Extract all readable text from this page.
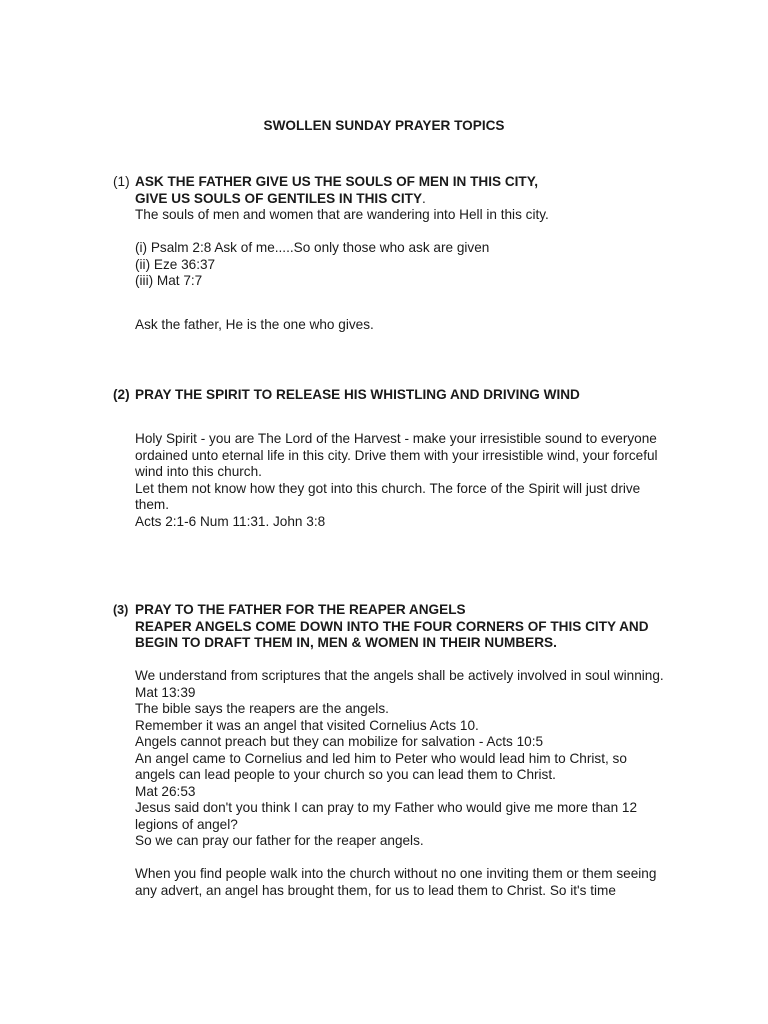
SWOLLEN SUNDAY PRAYER TOPICS
(1) ASK THE FATHER GIVE US THE SOULS OF MEN IN THIS CITY,
GIVE US SOULS OF GENTILES IN THIS CITY.
The souls of men and women that are wandering into Hell in this city.
(i) Psalm 2:8 Ask of me.....So only those who ask are given
(ii) Eze 36:37
(iii) Mat 7:7
Ask the father, He is the one who gives.
(2) PRAY THE SPIRIT TO RELEASE HIS WHISTLING AND DRIVING WIND
Holy Spirit - you are The Lord of the Harvest - make your irresistible sound to everyone
ordained unto eternal life in this city. Drive them with your irresistible wind, your forceful
wind into this church.
Let them not know how they got into this church. The force of the Spirit will just drive
them.
Acts 2:1-6 Num 11:31. John 3:8
(3) PRAY TO THE FATHER FOR THE REAPER ANGELS
REAPER ANGELS COME DOWN INTO THE FOUR CORNERS OF THIS CITY AND
BEGIN TO DRAFT THEM IN, MEN & WOMEN IN THEIR NUMBERS.
We understand from scriptures that the angels shall be actively involved in soul winning.
Mat 13:39
The bible says the reapers are the angels.
Remember it was an angel that visited Cornelius Acts 10.
Angels cannot preach but they can mobilize for salvation - Acts 10:5
An angel came to Cornelius and led him to Peter who would lead him to Christ, so
angels can lead people to your church so you can lead them to Christ.
Mat 26:53
Jesus said don't you think I can pray to my Father who would give me more than 12
legions of angel?
So we can pray our father for the reaper angels.
When you find people walk into the church without no one inviting them or them seeing
any advert, an angel has brought them, for us to lead them to Christ. So it's time
